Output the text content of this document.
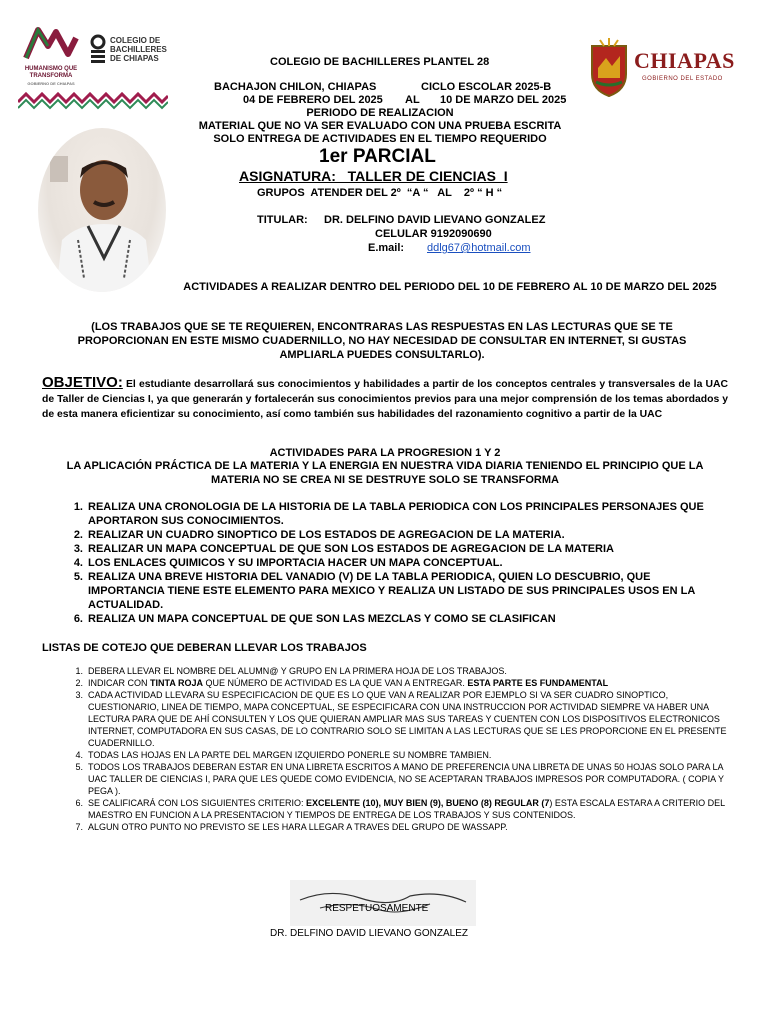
HUMANISMO QUE
TRANSFORMA
GOBIERNO DE CHIAPAS
COLEGIO DE
BACHILLERES
DE CHIAPAS	CHIAPAS
GOBIERNO DEL ESTADO
COLEGIO DE BACHILLERES PLANTEL 28
BACHAJON CHILON, CHIAPAS	CICLO ESCOLAR 2025-B
04 DE FEBRERO DEL 2025 AL 10 DE MARZO DEL 2025
PERIODO DE REALIZACION
MATERIAL QUE NO VA SER EVALUADO CON UNA PRUEBA ESCRITA
SOLO ENTREGA DE ACTIVIDADES EN EL TIEMPO REQUERIDO
1er PARCIAL
ASIGNATURA:   TALLER DE CIENCIAS  I
GRUPOS  ATENDER DEL 2º  “A “   AL    2º “ H “
TITULAR: DR. DELFINO DAVID LIEVANO GONZALEZ
CELULAR 9192090690
E.mail: ddlg67@hotmail.com
ACTIVIDADES A REALIZAR DENTRO DEL PERIODO DEL 10 DE FEBRERO AL 10 DE MARZO DEL 2025
(LOS TRABAJOS QUE SE TE REQUIEREN, ENCONTRARAS LAS RESPUESTAS EN LAS LECTURAS QUE SE TE PROPORCIONAN EN ESTE MISMO CUADERNILLO, NO HAY NECESIDAD DE CONSULTAR EN INTERNET, SI GUSTAS AMPLIARLA PUEDES CONSULTARLO).
OBJETIVO: El estudiante desarrollará sus conocimientos y habilidades a partir de los conceptos centrales y transversales de la UAC de Taller de Ciencias I, ya que generarán y fortalecerán sus conocimientos previos para una mejor comprensión de los temas abordados y de esta manera eficientizar su conocimiento, así como también sus habilidades del razonamiento cognitivo a partir de la UAC
ACTIVIDADES PARA LA PROGRESION 1 Y 2
LA APLICACIÓN PRÁCTICA DE LA MATERIA Y LA ENERGIA EN NUESTRA VIDA DIARIA TENIENDO EL PRINCIPIO QUE LA MATERIA NO SE CREA NI SE DESTRUYE SOLO SE TRANSFORMA
1. REALIZA UNA CRONOLOGIA DE LA HISTORIA DE LA TABLA PERIODICA CON LOS PRINCIPALES PERSONAJES QUE APORTARON SUS CONOCIMIENTOS.
2. REALIZAR UN CUADRO SINOPTICO DE LOS ESTADOS DE AGREGACION DE LA MATERIA.
3. REALIZAR UN MAPA CONCEPTUAL DE QUE SON LOS ESTADOS DE AGREGACION DE LA MATERIA
4. LOS ENLACES QUIMICOS Y SU IMPORTACIA HACER UN MAPA CONCEPTUAL.
5. REALIZA UNA BREVE HISTORIA DEL VANADIO (V) DE LA TABLA PERIODICA, QUIEN LO DESCUBRIO, QUE IMPORTANCIA TIENE ESTE ELEMENTO PARA MEXICO Y REALIZA UN LISTADO DE SUS PRINCIPALES USOS EN LA ACTUALIDAD.
6. REALIZA UN MAPA CONCEPTUAL DE QUE SON LAS MEZCLAS Y COMO SE CLASIFICAN
LISTAS DE COTEJO QUE DEBERAN LLEVAR LOS TRABAJOS
1. DEBERA LLEVAR EL NOMBRE DEL ALUMN@ Y GRUPO EN LA PRIMERA HOJA DE LOS TRABAJOS.
2. INDICAR CON TINTA ROJA QUE NÚMERO DE ACTIVIDAD ES LA QUE VAN A ENTREGAR. ESTA PARTE ES FUNDAMENTAL
3. CADA ACTIVIDAD LLEVARA SU ESPECIFICACION DE QUE ES LO QUE VAN A REALIZAR POR EJEMPLO SI VA SER CUADRO SINOPTICO, CUESTIONARIO, LINEA DE TIEMPO, MAPA CONCEPTUAL, SE ESPECIFICARA CON UNA INSTRUCCION POR ACTIVIDAD SIEMPRE VA HABER UNA LECTURA PARA QUE DE AHÍ CONSULTEN Y LOS QUE QUIERAN AMPLIAR MAS SUS TAREAS Y CUENTEN CON LOS DISPOSITIVOS ELECTRONICOS INTERNET, COMPUTADORA EN SUS CASAS, DE LO CONTRARIO SOLO SE LIMITAN A LAS LECTURAS QUE SE LES PROPORCIONE EN EL PRESENTE CUADERNILLO.
4. TODAS LAS HOJAS EN LA PARTE DEL MARGEN IZQUIERDO PONERLE SU NOMBRE TAMBIEN.
5. TODOS LOS TRABAJOS DEBERAN ESTAR EN UNA LIBRETA ESCRITOS A MANO DE PREFERENCIA UNA LIBRETA DE UNAS 50 HOJAS SOLO PARA LA UAC TALLER DE CIENCIAS I, PARA QUE LES QUEDE COMO EVIDENCIA, NO SE ACEPTARAN TRABAJOS IMPRESOS POR COMPUTADORA. ( COPIA Y PEGA ).
6. SE CALIFICARÁ CON LOS SIGUIENTES CRITERIO: EXCELENTE (10), MUY BIEN (9), BUENO (8) REGULAR (7) ESTA ESCALA ESTARA A CRITERIO DEL MAESTRO EN FUNCION A LA PRESENTACION Y TIEMPOS DE ENTREGA DE LOS TRABAJOS Y SUS CONTENIDOS.
7. ALGUN OTRO PUNTO NO PREVISTO SE LES HARA LLEGAR A TRAVES DEL GRUPO DE WASSAPP.
RESPETUOSAMENTE
DR. DELFINO DAVID LIEVANO GONZALEZ
